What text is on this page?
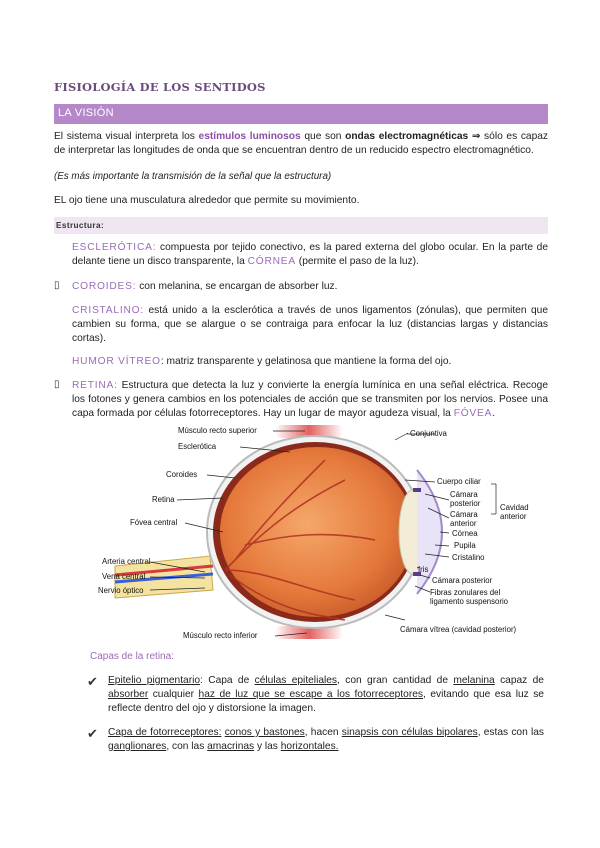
FISIOLOGÍA DE LOS SENTIDOS
LA VISIÓN
El sistema visual interpreta los estímulos luminosos que son ondas electromagnéticas ⇒ sólo es capaz de interpretar las longitudes de onda que se encuentran dentro de un reducido espectro electromagnético.
(Es más importante la transmisión de la señal que la estructura)
EL ojo tiene una musculatura alrededor que permite su movimiento.
Estructura:
ESCLERÓTICA: compuesta por tejido conectivo, es la pared externa del globo ocular. En la parte de delante tiene un disco transparente, la CÓRNEA (permite el paso de la luz).
▯ COROIDES: con melanina, se encargan de absorber luz.
CRISTALINO: está unido a la esclerótica a través de unos ligamentos (zónulas), que permiten que cambien su forma, que se alargue o se contraiga para enfocar la luz (distancias largas y distancias cortas).
HUMOR VÍTREO: matriz transparente y gelatinosa que mantiene la forma del ojo.
▯ RETINA: Estructura que detecta la luz y convierte la energía lumínica en una señal eléctrica. Recoge los fotones y genera cambios en los potenciales de acción que se transmiten por los nervios. Posee una capa formada por células fotorreceptores. Hay un lugar de mayor agudeza visual, la FÓVEA.
Músculo recto superior
Esclerótica
Coroides
Retina
Fóvea central
Arteria central
Vena central
Nervio óptico
Músculo recto inferior
Conjuntiva
Cuerpo ciliar
Cámara posterior
Cámara anterior
Cavidad anterior
Córnea
Pupila
Cristalino
Iris
Cámara posterior
Fibras zonulares del ligamento suspensorio
Cámara vítrea (cavidad posterior)
Capas de la retina:
✔ Epitelio pigmentario: Capa de células epiteliales, con gran cantidad de melanina capaz de absorber cualquier haz de luz que se escape a los fotorreceptores, evitando que esa luz se reflecte dentro del ojo y distorsione la imagen.
✔ Capa de fotorreceptores: conos y bastones, hacen sinapsis con células bipolares, estas con las ganglionares, con las amacrinas y las horizontales.
